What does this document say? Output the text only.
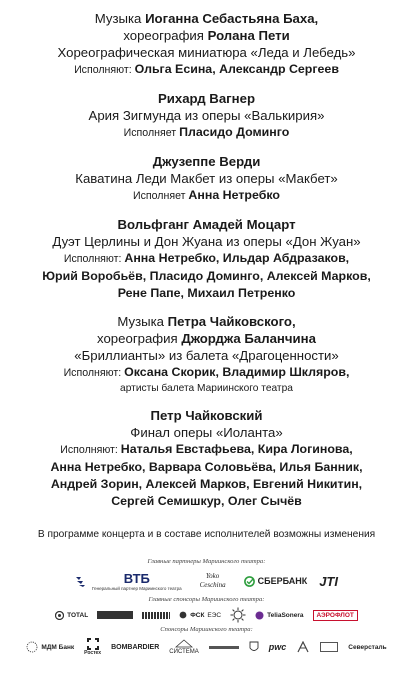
Музыка Иоганна Себастьяна Баха,
хореография Ролана Пети
Хореографическая миниатюра «Леда и Лебедь»
Исполняют: Ольга Есина, Александр Сергеев
Рихард Вагнер
Ария Зигмунда из оперы «Валькирия»
Исполняет Пласидо Доминго
Джузеппе Верди
Каватина Леди Макбет из оперы «Макбет»
Исполняет Анна Нетребко
Вольфганг Амадей Моцарт
Дуэт Церлины и Дон Жуана из оперы «Дон Жуан»
Исполняют: Анна Нетребко, Ильдар Абдразаков,
Юрий Воробьёв, Пласидо Доминго, Алексей Марков,
Рене Папе, Михаил Петренко
Музыка Петра Чайковского,
хореография Джорджа Баланчина
«Бриллианты» из балета «Драгоценности»
Исполняют: Оксана Скорик, Владимир Шкляров,
артисты балета Мариинского театра
Петр Чайковский
Финал оперы «Иоланта»
Исполняют: Наталья Евстафьева, Кира Логинова,
Анна Нетребко, Варвара Соловьёва, Илья Банник,
Андрей Зорин, Алексей Марков, Евгений Никитин,
Сергей Семишкур, Олег Сычёв
В программе концерта и в составе исполнителей возможны изменения
Главные партнеры Мариинского театра:
ВТБ
Генеральный партнер Мариинского театра
Yoko Ceschina	СБЕРБАНК JTI
Главные спонсоры Мариинского театра:
TOTAL	ФСК ЕЭС	TeliaSonera АЭРОФЛОТ
Спонсоры Мариинского театра:
МДМ Банк
Ростех
BOMBARDIER
СИСТЕМА	pwc	Северсталь
